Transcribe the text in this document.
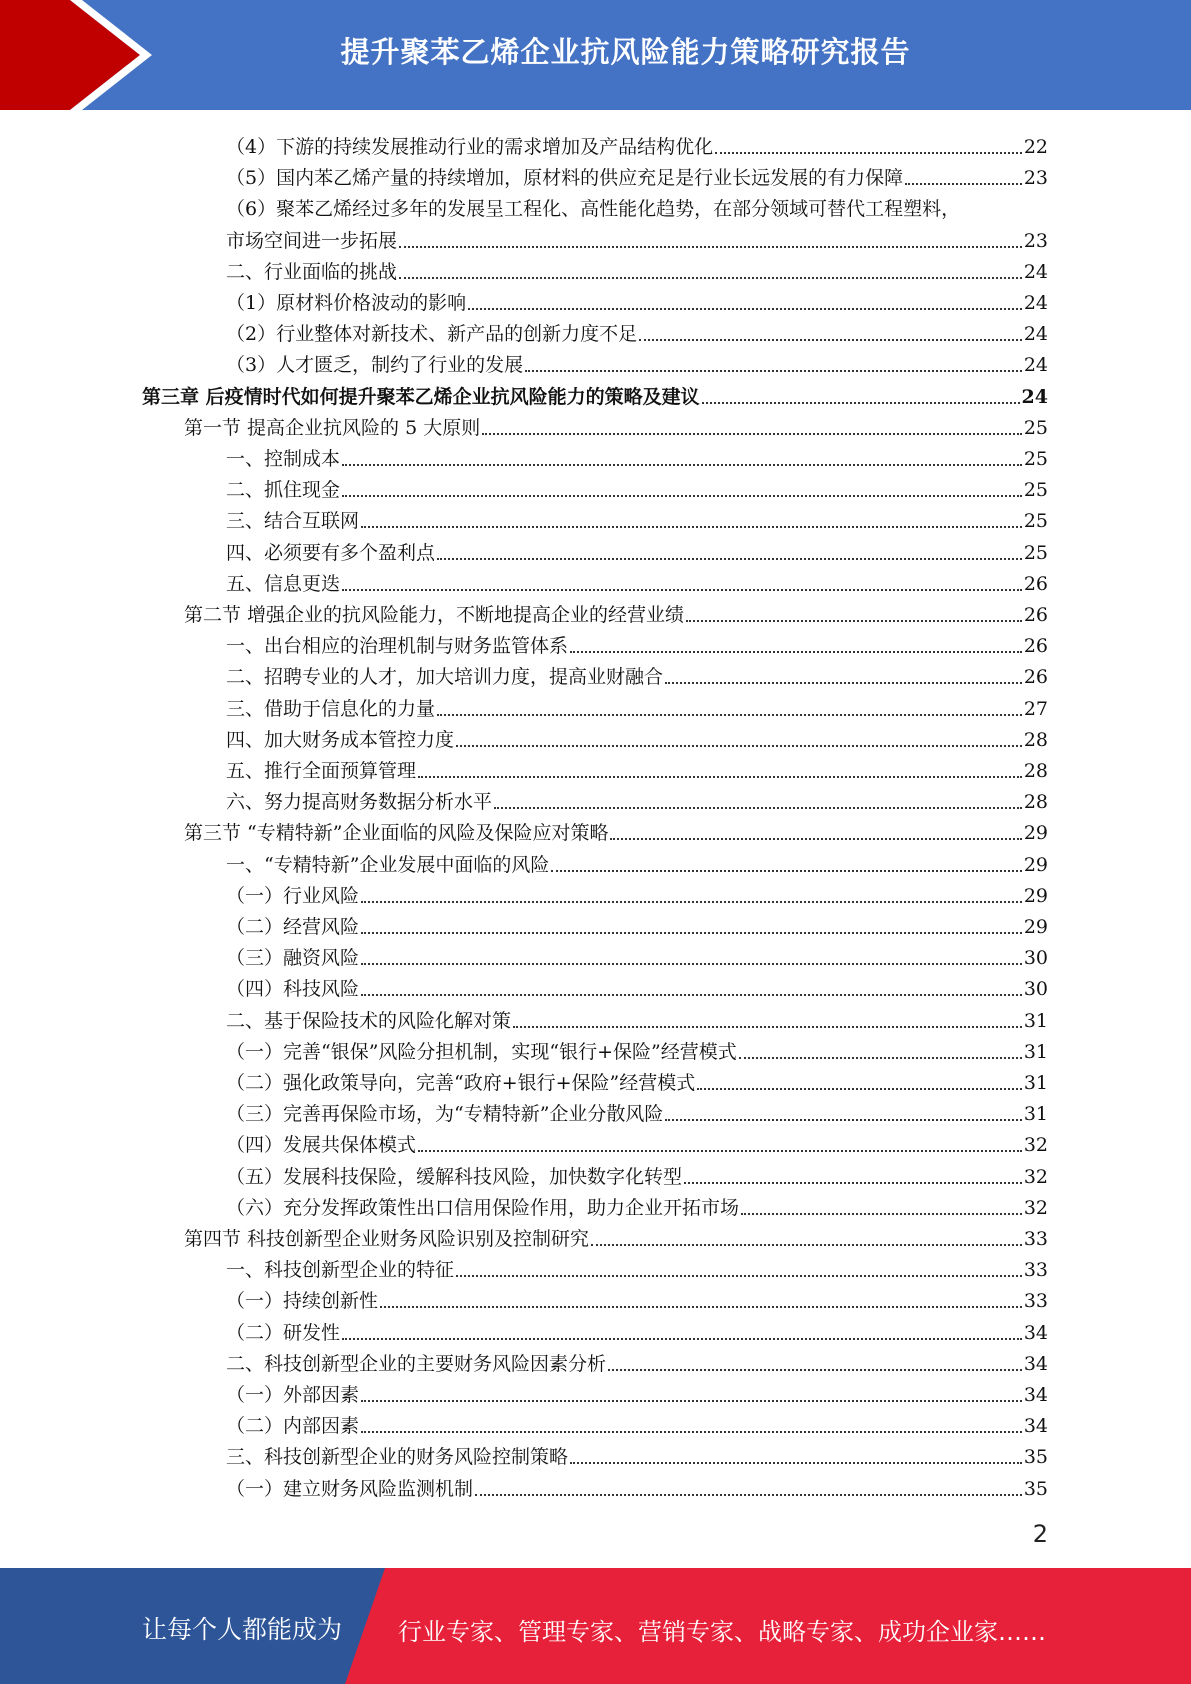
提升聚苯乙烯企业抗风险能力策略研究报告
（4）下游的持续发展推动行业的需求增加及产品结构优化	22
（5）国内苯乙烯产量的持续增加，原材料的供应充足是行业长远发展的有力保障	23
（6）聚苯乙烯经过多年的发展呈工程化、高性能化趋势，在部分领域可替代工程塑料，
市场空间进一步拓展	23
二、行业面临的挑战	24
（1）原材料价格波动的影响	24
（2）行业整体对新技术、新产品的创新力度不足	24
（3）人才匮乏，制约了行业的发展	24
第三章 后疫情时代如何提升聚苯乙烯企业抗风险能力的策略及建议	24
第一节 提高企业抗风险的 5 大原则	25
一、控制成本	25
二、抓住现金	25
三、结合互联网	25
四、必须要有多个盈利点	25
五、信息更迭	26
第二节 增强企业的抗风险能力，不断地提高企业的经营业绩	26
一、出台相应的治理机制与财务监管体系	26
二、招聘专业的人才，加大培训力度，提高业财融合	26
三、借助于信息化的力量	27
四、加大财务成本管控力度	28
五、推行全面预算管理	28
六、努力提高财务数据分析水平	28
第三节 “专精特新”企业面临的风险及保险应对策略	29
一、“专精特新”企业发展中面临的风险	29
（一）行业风险	29
（二）经营风险	29
（三）融资风险	30
（四）科技风险	30
二、基于保险技术的风险化解对策	31
（一）完善“银保”风险分担机制，实现“银行+保险”经营模式	31
（二）强化政策导向，完善“政府+银行+保险”经营模式	31
（三）完善再保险市场，为“专精特新”企业分散风险	31
（四）发展共保体模式	32
（五）发展科技保险，缓解科技风险，加快数字化转型	32
（六）充分发挥政策性出口信用保险作用，助力企业开拓市场	32
第四节 科技创新型企业财务风险识别及控制研究	33
一、科技创新型企业的特征	33
（一）持续创新性	33
（二）研发性	34
二、科技创新型企业的主要财务风险因素分析	34
（一）外部因素	34
（二）内部因素	34
三、科技创新型企业的财务风险控制策略	35
（一）建立财务风险监测机制	35
2
让每个人都能成为 行业专家、管理专家、营销专家、战略专家、成功企业家……
